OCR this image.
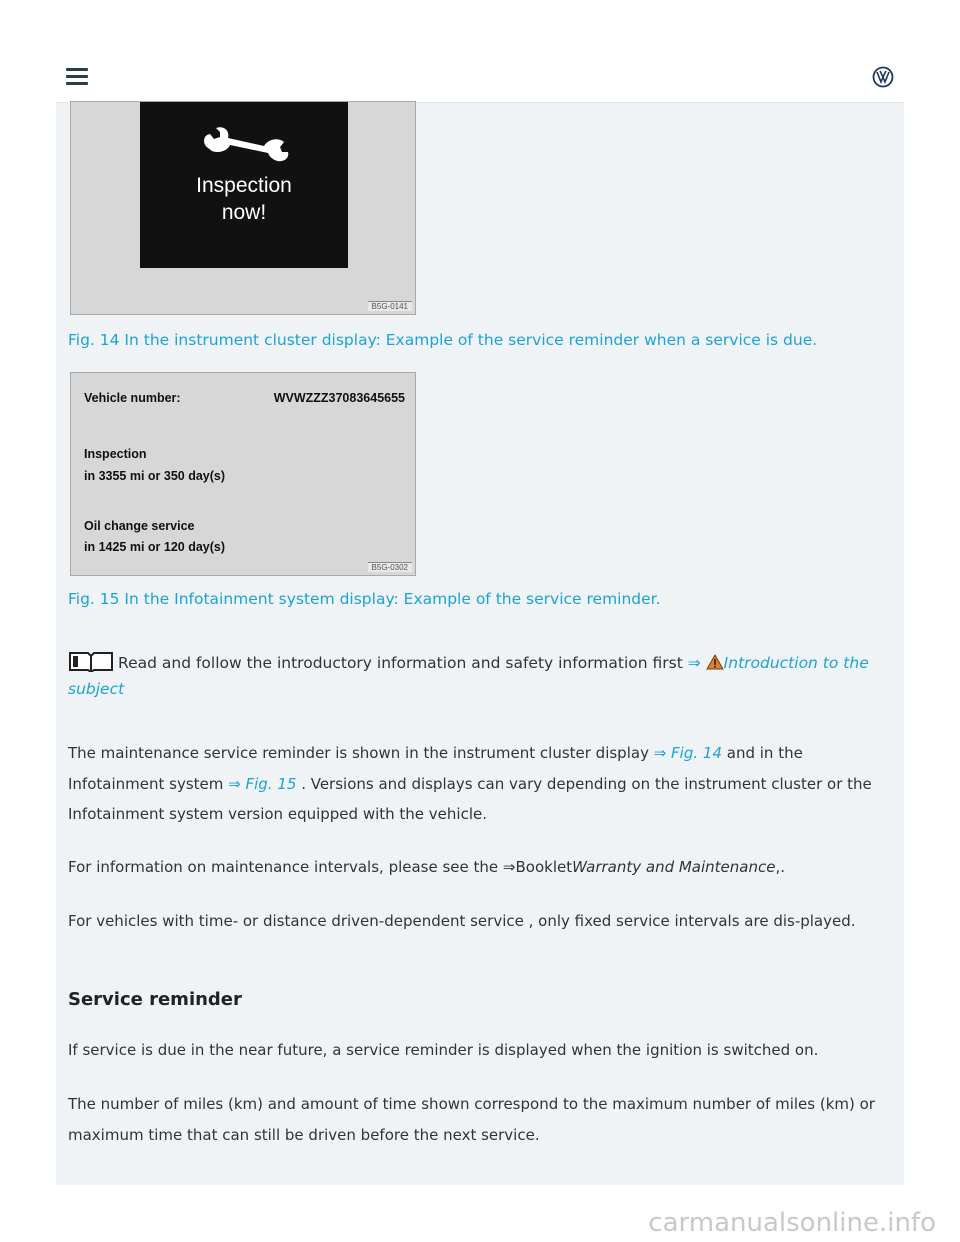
Inspection
now!
B5G-0141
Fig. 14 In the instrument cluster display: Example of the service reminder when a service is due.
Vehicle number:	WVWZZZ37083645655
Inspection
in 3355 mi or 350 day(s)
Oil change service
in 1425 mi or 120 day(s)
B5G-0302
Fig. 15 In the Infotainment system display: Example of the service reminder.
Read and follow the introductory information and safety information first ⇒ Introduction to the subject
The maintenance service reminder is shown in the instrument cluster display ⇒ Fig. 14 and in the Infotainment system ⇒ Fig. 15 . Versions and displays can vary depending on the instrument cluster or the Infotainment system version equipped with the vehicle.
For information on maintenance intervals, please see the ⇒BookletWarranty and Maintenance,.
For vehicles with time- or distance driven-dependent service , only fixed service intervals are dis-played.
Service reminder
If service is due in the near future, a service reminder is displayed when the ignition is switched on.
The number of miles (km) and amount of time shown correspond to the maximum number of miles (km) or maximum time that can still be driven before the next service.
carmanualsonline.info
